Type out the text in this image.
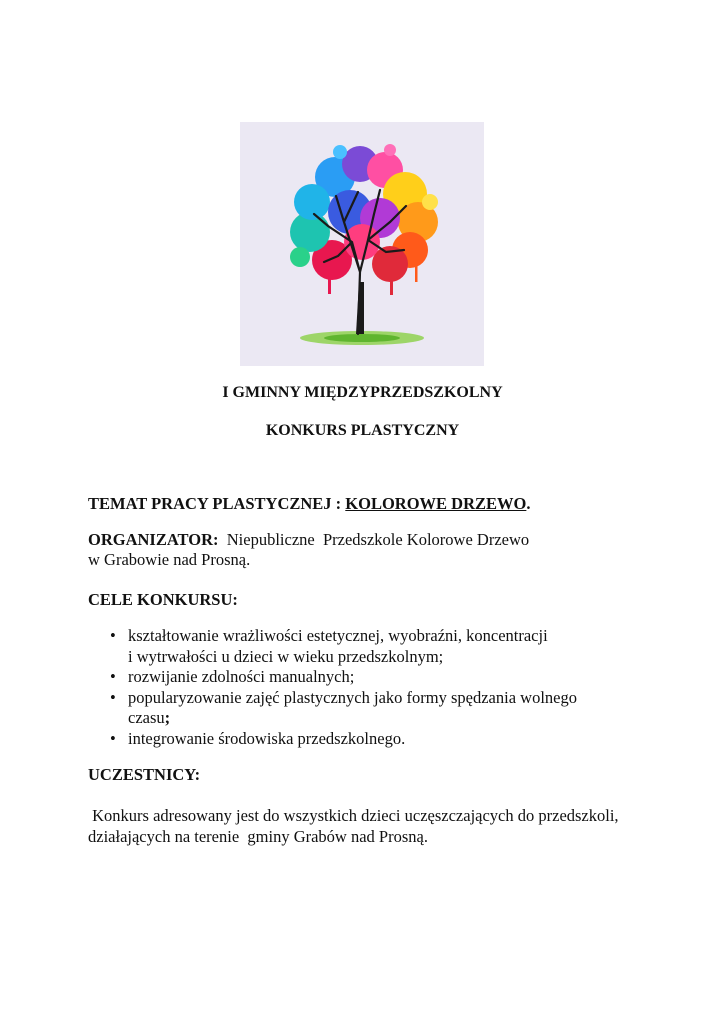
I GMINNY MIĘDZYPRZEDSZKOLNY
KONKURS PLASTYCZNY
TEMAT PRACY PLASTYCZNEJ : KOLOROWE DRZEWO.
ORGANIZATOR:  Niepubliczne  Przedszkole Kolorowe Drzewo
w Grabowie nad Prosną.
CELE KONKURSU:
• kształtowanie wrażliwości estetycznej, wyobraźni, koncentracji
i wytrwałości u dzieci w wieku przedszkolnym;
• rozwijanie zdolności manualnych;
• popularyzowanie zajęć plastycznych jako formy spędzania wolnego
czasu;
• integrowanie środowiska przedszkolnego.
UCZESTNICY:
Konkurs adresowany jest do wszystkich dzieci uczęszczających do przedszkoli,
działających na terenie  gminy Grabów nad Prosną.
